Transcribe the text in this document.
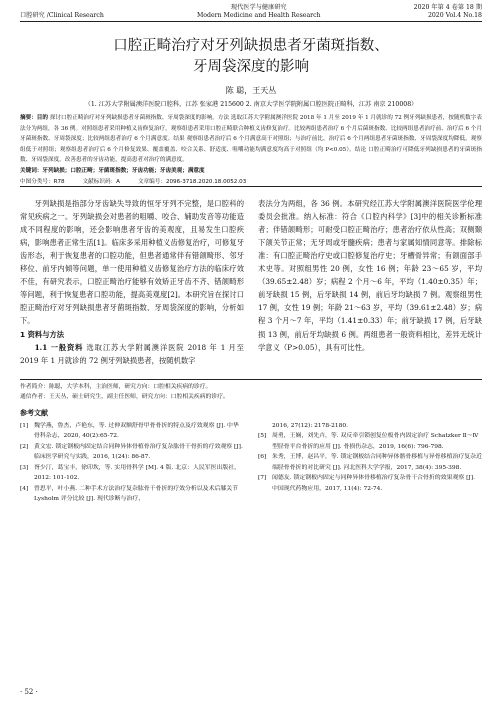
口腔研究 /Clinical Research
现代医学与健康研究
Modern Medicine and Health Research
2020 年第 4 卷第 18 期
2020 Vol.4 No.18
口腔正畸治疗对牙列缺损患者牙菌斑指数、
牙周袋深度的影响
陈 聪，王天丛
（1. 江苏大学附属澳洋医院口腔科，江苏 张家港 215600 2. 南京大学医学院附属口腔医院正畸科，江苏 南京 210008）
摘要：目的 探讨口腔正畸治疗对牙列缺损患者牙菌斑指数、牙周袋深度的影响。方法 选取江苏大学附属澳洋医院 2018 年 1 月至 2019 年 1 月就诊的 72 例牙列缺损患者，按随机数字表法分为两组，各 36 例。对照组患者采用种植义齿修复治疗，观察组患者采用口腔正畸联合种植义齿修复治疗。比较两组患者治疗 6 个月后菌斑指数、比较两组患者治疗前、治疗后 6 个月牙菌斑指数、牙周袋深度；比较两组患者治疗 6 个月满意度。结果 观察组患者治疗后 6 个月满意高于对照组；与治疗前比，治疗后 6 个月两组患者牙菌斑指数、牙周袋深度均降低，观察组低于对照组；观察组患者治疗后 6 个月修复效果、覆盖覆盖、咬合关系、舒适度、咀嚼功能均满意度均高于对照组（均 P<0.05）。结论 口腔正畸治疗可降低牙列缺损患者的牙菌斑指数、牙周袋深度，改善患者的牙齿功能，提高患者对治疗的满意度。
关键词：牙列缺损；口腔正畸；牙菌斑指数；牙齿功能；牙齿美观；满意度
中图分类号：R78	文献标识码：A	文章编号：2096-3718.2020.18.0052.03

牙列缺损是指部分牙齿缺失导致的恒牙牙列不完整，是口腔科的常见疾病之一。牙列缺损会对患者的咀嚼、咬合、辅助发音等功能造成不同程度的影响，还会影响患者牙齿的美观度，且易发生口腔疾病，影响患者正常生活[1]。临床多采用种植义齿修复治疗，可修复牙齿形态，利于恢复患者的口腔功能，但患者通常伴有错颌畸形、邻牙移位、前牙内倾等问题，单一使用种植义齿修复治疗方法的临床疗效不佳，有研究表示，口腔正畸治疗能够有效矫正牙齿不齐、错颌畸形等问题，利于恢复患者口腔功能，提高美观度[2]。本研究旨在探讨口腔正畸治疗对牙列缺损患者牙菌斑指数、牙周袋深度的影响，分析如下。

1 资料与方法

1.1 一般资料 选取江苏大学附属澳洋医院 2018 年 1 月至 2019 年 1 月就诊的 72 例牙列缺损患者，按随机数字

表法分为两组，各 36 例。本研究经江苏大学附属澳洋医院医学伦理委员会批准。纳入标准：符合《口腔内科学》[3]中的相关诊断标准者；伴错颌畸形；可耐受口腔正畸治疗；患者治疗依从性高；双侧颞下颌关节正常；无牙周或牙髓疾病；患者与家属知情同意等。排除标准：有口腔正畸治疗史或口腔修复治疗史；牙槽骨异常；有颌面部手术史等。对照组男性 20 例，女性 16 例；年龄 23～65 岁，平均（39.65±2.48）岁；病程 2 个月～6 年，平均（1.40±0.35）年；前牙缺损 15 例，后牙缺损 14 例，前后牙均缺损 7 例。观察组男性 17 例，女性 19 例；年龄 21～63 岁，平均（39.61±2.48）岁；病程 3 个月～7 年，平均（1.41±0.33）年；前牙缺损 17 例，后牙缺损 13 例，前后牙均缺损 6 例。两组患者一般资料相比，差异无统计学意义（P>0.05），具有可比性。

作者简介：陈聪，大学本科，主治医师，研究方向：口腔相关疾病的诊疗。
通信作者：王天丛，硕士研究生，副主任医师，研究方向：口腔相关疾病的诊疗。
参考文献
[1] 魏学燕，鲁杰，卢艳东，等. 过伸双额舒骨甲骨骨折的特点及疗效观察 [J]. 中华骨科杂志，2020, 40(2):65-72.
[2] 黄文宏. 锁定钢板内固定结合同种异体骨植骨治疗复杂肱骨干骨折的疗效观察 [J]. 临床医学研究与实践，2016, 1(24): 86-87.
[3] 胥少汀，葛宝丰，徐印坎，等. 实用骨科学 [M]. 4 版. 北京：人民军医出版社，2012: 101-102.
[4] 曾思平，叶小燕. 二种手术方法治疗复杂肱骨干骨折的疗效分析以及术后膝关节 Lysholm 评分比较 [J]. 现代诊断与治疗，
2016, 27(12): 2178-2180.
[5] 周勇，王娴，刘先卉，等. 双反牵引锁创复位板骨内固定治疗 Schatzker Ⅱ～Ⅳ 型胫骨平台骨折的应用 [J]. 骨损伤杂志，2019, 16(6): 796-798.
[6] 朱秀，王博，赵昌平，等. 锁定钢板结合同种异体髂骨移植与异骨移植治疗复杂近端胫骨骨折的对比研究 [J]. 河北医科大学学报，2017, 38(4): 395-398.
[7] 闻德友. 锁定钢板内固定与同种异体骨移植治疗复杂骨干合骨折的效果观察 [J]. 中国现代药物应用，2017, 11(4): 72-74.
· 52 ·
